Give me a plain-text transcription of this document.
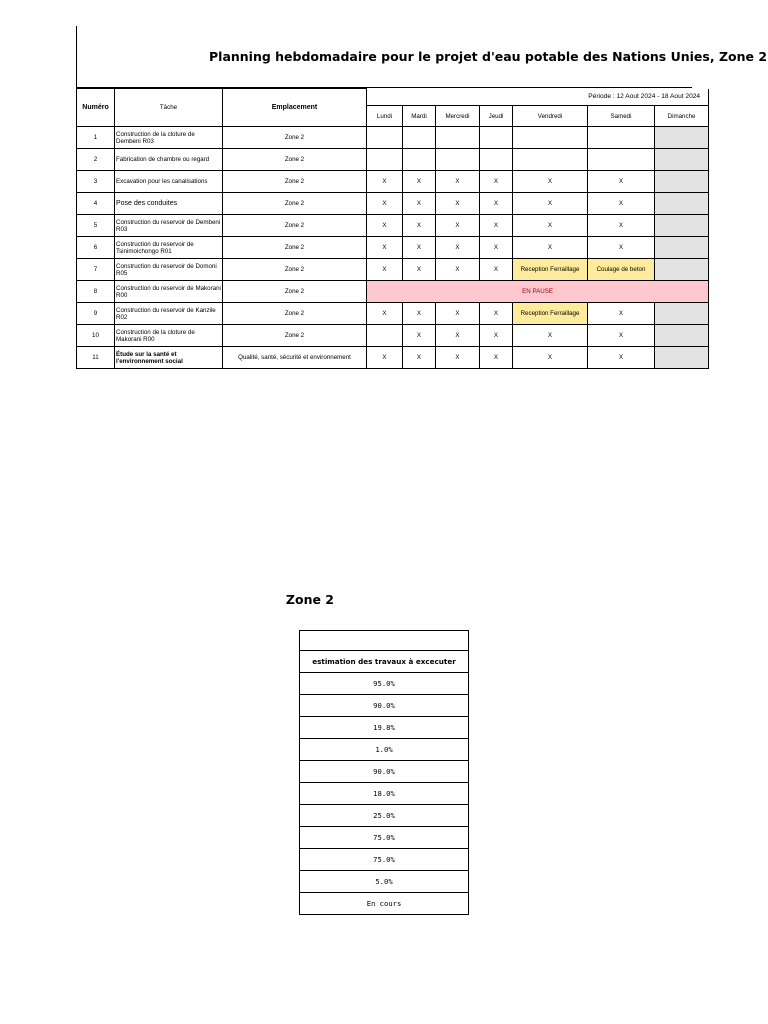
Planning hebdomadaire pour le projet d'eau potable des Nations Unies, Zone 2
Numéro	Tâche	Emplacement	Période : 12 Aout 2024 - 18 Aout 2024						
			Lundi	Mardi	Mercredi	Jeudi	Vendredi	Samedi	Dimanche
1	Construction de la cloture de Dembeni R03	Zone 2							
2	Fabrication de chambre ou regard	Zone 2							
3	Excavation pour les canalisations	Zone 2	X	X	X	X	X	X	
4	Pose des conduites	Zone 2	X	X	X	X	X	X	
5	Construction du reservoir de Dembeni R03	Zone 2	X	X	X	X	X	X	
6	Construction du reservoir de Tsinimoichongo R01	Zone 2	X	X	X	X	X	X	
7	Construction du reservoir de Domoni R05	Zone 2	X	X	X	X	Reception Ferraillage	Coulage de beton	
8	Construction du reservoir de Makorani R00	Zone 2	EN PAUSE						
9	Construction du reservoir de Kanzile R02	Zone 2	X	X	X	X	Reception Ferraillage	X	
10	Construction de la cloture de Makorani R00	Zone 2		X	X	X	X	X	
11	Étude sur la santé et l'environnement social	Qualité, santé, sécurité et environnement	X	X	X	X	X	X	
Zone 2

estimation des travaux à excecuter
95.0%
90.0%
19.8%
1.0%
90.0%
18.0%
25.0%
75.0%
75.0%
5.0%
En cours
